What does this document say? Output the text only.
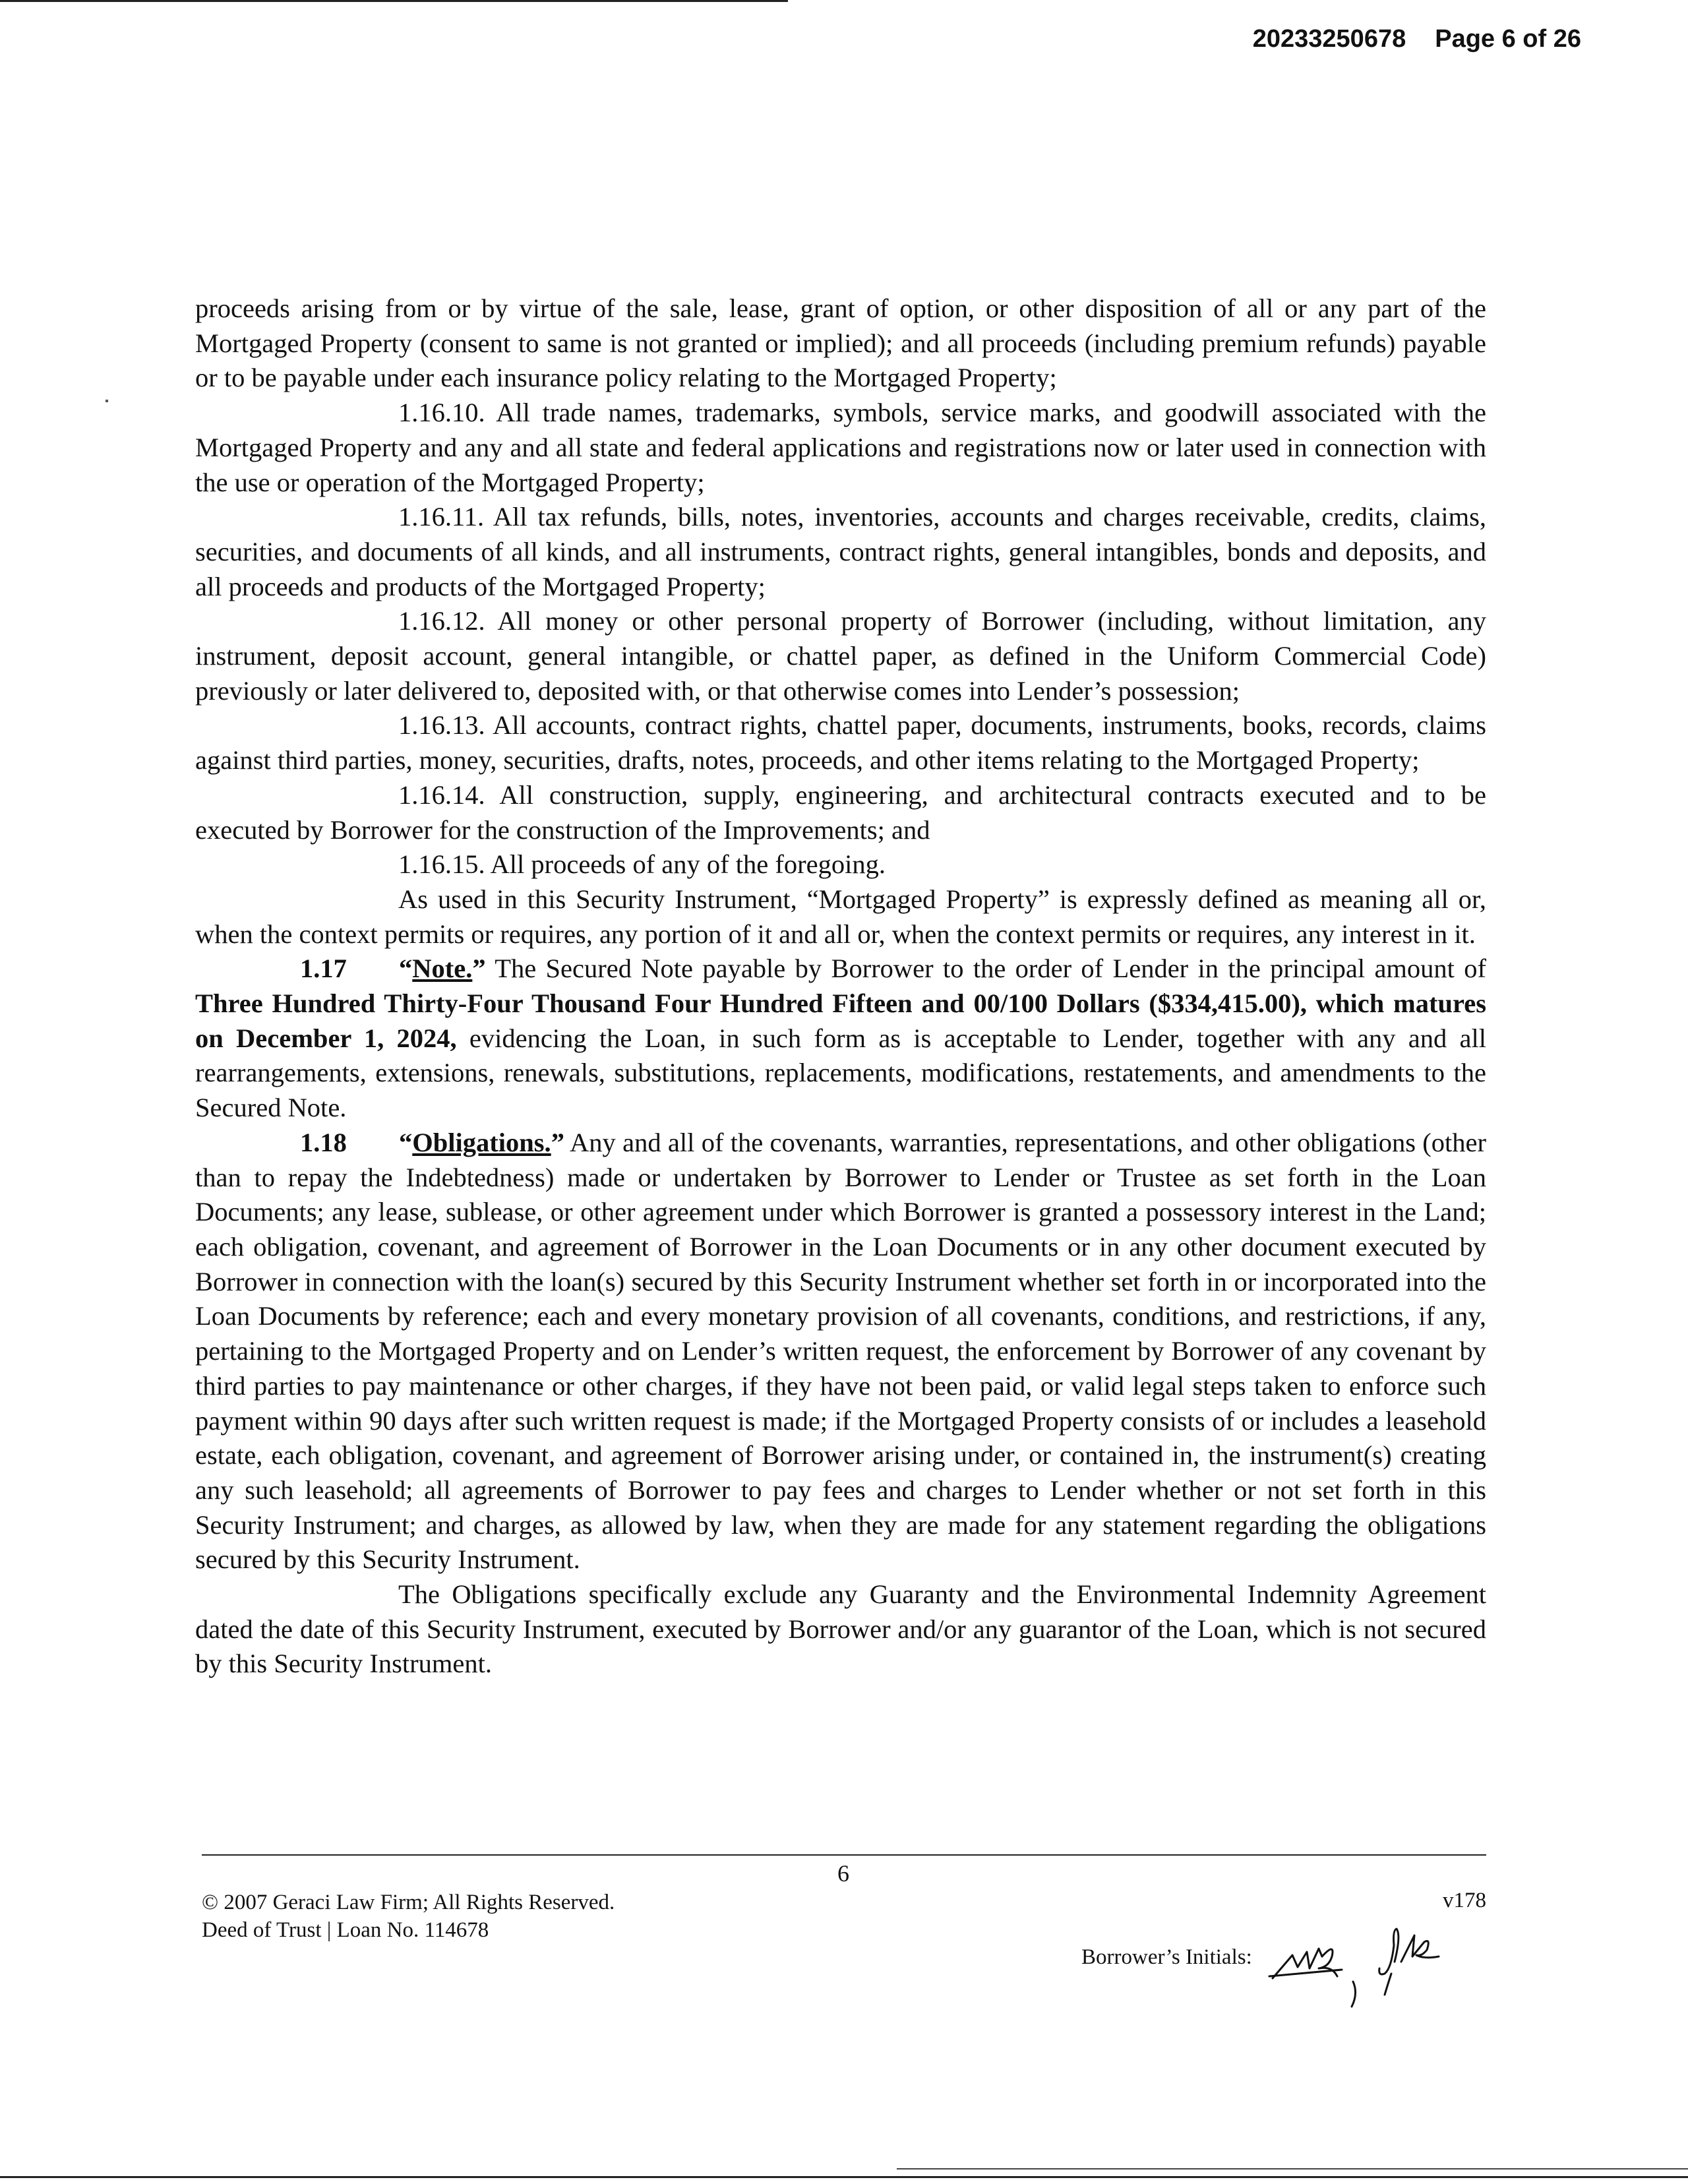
20233250678 Page 6 of 26

proceeds arising from or by virtue of the sale, lease, grant of option, or other disposition of all or any part of the Mortgaged Property (consent to same is not granted or implied); and all proceeds (including premium refunds) payable or to be payable under each insurance policy relating to the Mortgaged Property;

1.16.10. All trade names, trademarks, symbols, service marks, and goodwill associated with the Mortgaged Property and any and all state and federal applications and registrations now or later used in connection with the use or operation of the Mortgaged Property;

1.16.11. All tax refunds, bills, notes, inventories, accounts and charges receivable, credits, claims, securities, and documents of all kinds, and all instruments, contract rights, general intangibles, bonds and deposits, and all proceeds and products of the Mortgaged Property;

1.16.12. All money or other personal property of Borrower (including, without limitation, any instrument, deposit account, general intangible, or chattel paper, as defined in the Uniform Commercial Code) previously or later delivered to, deposited with, or that otherwise comes into Lender’s possession;

1.16.13. All accounts, contract rights, chattel paper, documents, instruments, books, records, claims against third parties, money, securities, drafts, notes, proceeds, and other items relating to the Mortgaged Property;

1.16.14. All construction, supply, engineering, and architectural contracts executed and to be executed by Borrower for the construction of the Improvements; and

1.16.15. All proceeds of any of the foregoing.

As used in this Security Instrument, “Mortgaged Property” is expressly defined as meaning all or, when the context permits or requires, any portion of it and all or, when the context permits or requires, any interest in it.

1.17 “Note.” The Secured Note payable by Borrower to the order of Lender in the principal amount of Three Hundred Thirty-Four Thousand Four Hundred Fifteen and 00/100 Dollars ($334,415.00), which matures on December 1, 2024, evidencing the Loan, in such form as is acceptable to Lender, together with any and all rearrangements, extensions, renewals, substitutions, replacements, modifications, restatements, and amendments to the Secured Note.

1.18 “Obligations.” Any and all of the covenants, warranties, representations, and other obligations (other than to repay the Indebtedness) made or undertaken by Borrower to Lender or Trustee as set forth in the Loan Documents; any lease, sublease, or other agreement under which Borrower is granted a possessory interest in the Land; each obligation, covenant, and agreement of Borrower in the Loan Documents or in any other document executed by Borrower in connection with the loan(s) secured by this Security Instrument whether set forth in or incorporated into the Loan Documents by reference; each and every monetary provision of all covenants, conditions, and restrictions, if any, pertaining to the Mortgaged Property and on Lender’s written request, the enforcement by Borrower of any covenant by third parties to pay maintenance or other charges, if they have not been paid, or valid legal steps taken to enforce such payment within 90 days after such written request is made; if the Mortgaged Property consists of or includes a leasehold estate, each obligation, covenant, and agreement of Borrower arising under, or contained in, the instrument(s) creating any such leasehold; all agreements of Borrower to pay fees and charges to Lender whether or not set forth in this Security Instrument; and charges, as allowed by law, when they are made for any statement regarding the obligations secured by this Security Instrument.

The Obligations specifically exclude any Guaranty and the Environmental Indemnity Agreement dated the date of this Security Instrument, executed by Borrower and/or any guarantor of the Loan, which is not secured by this Security Instrument.

6
© 2007 Geraci Law Firm; All Rights Reserved.
Deed of Trust | Loan No. 114678
v178
Borrower’s Initials:
